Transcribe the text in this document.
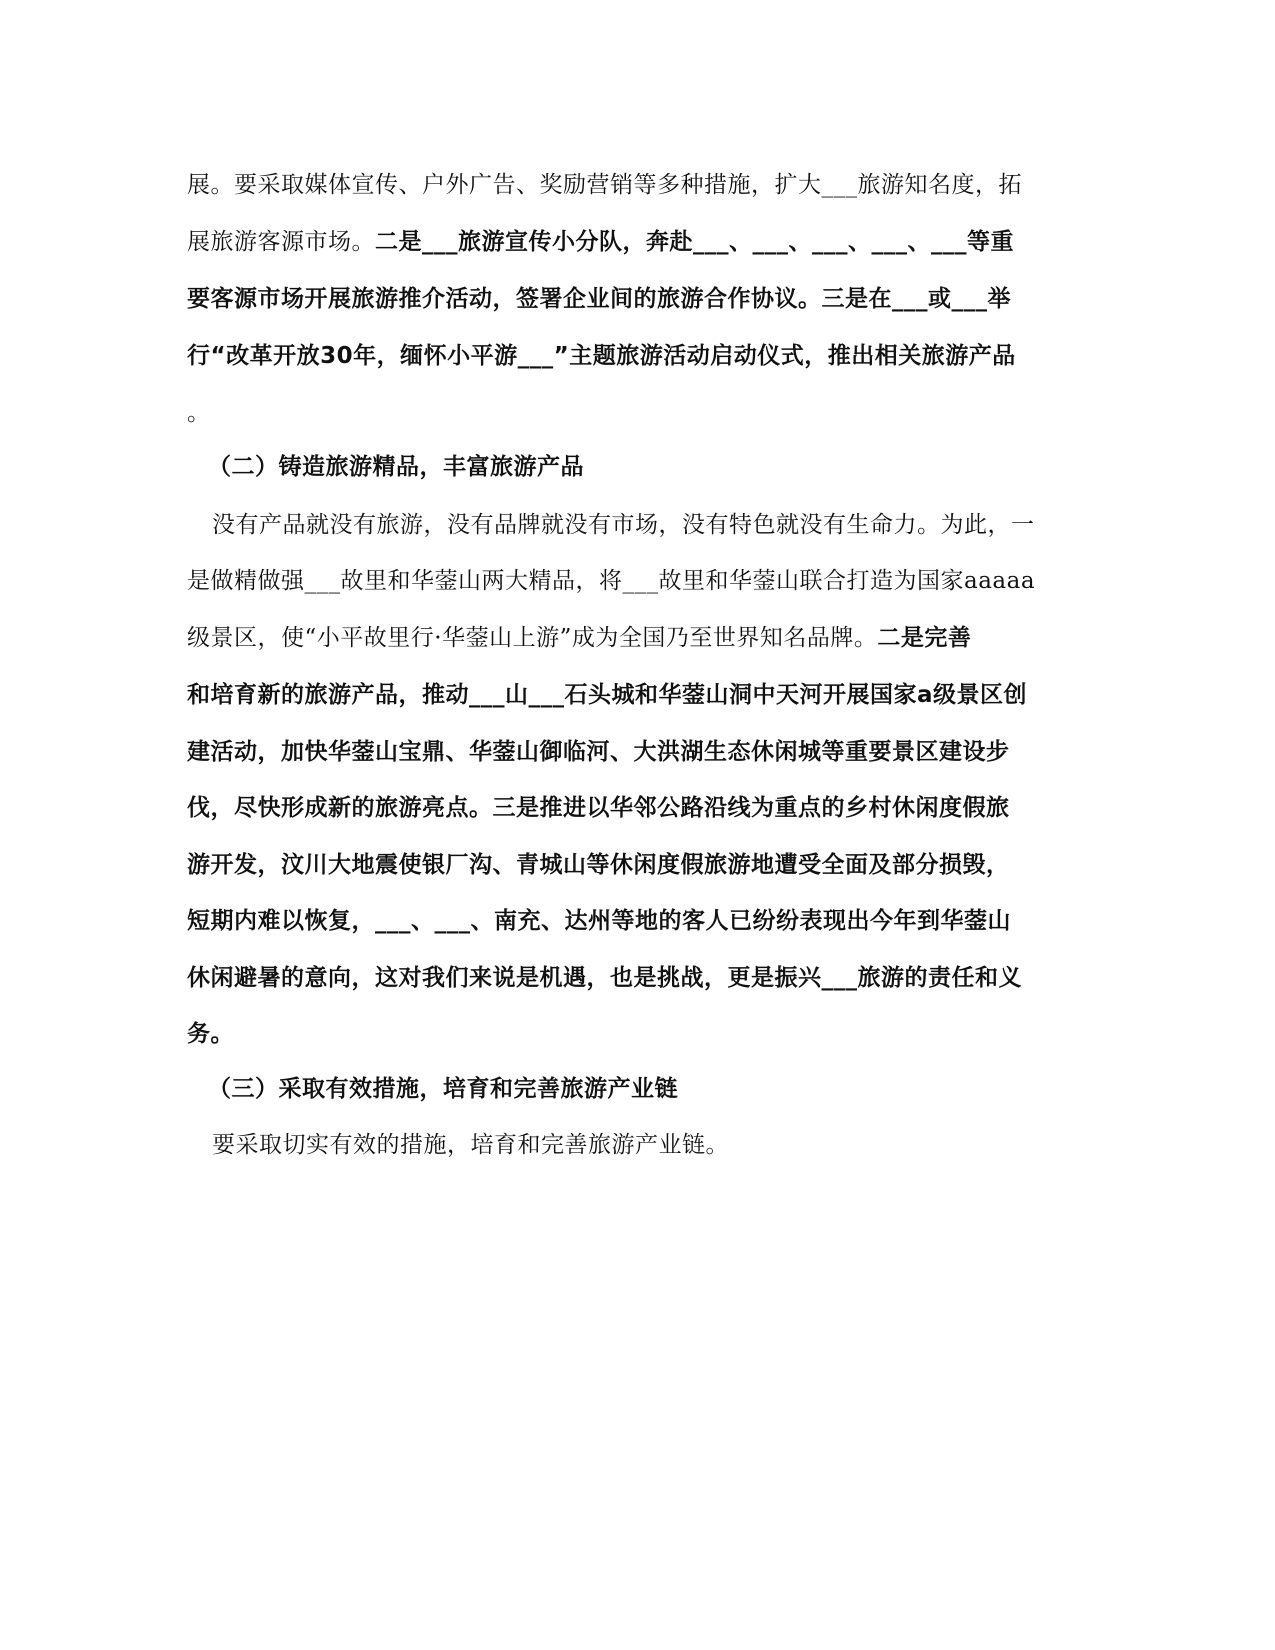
展。要采取媒体宣传、户外广告、奖励营销等多种措施，扩大___旅游知名度，拓
展旅游客源市场。二是___旅游宣传小分队，奔赴___、___、___、___、___等重
要客源市场开展旅游推介活动，签署企业间的旅游合作协议。三是在___或___举
行“改革开放30年，缅怀小平游___”主题旅游活动启动仪式，推出相关旅游产品
。
（二）铸造旅游精品，丰富旅游产品
没有产品就没有旅游，没有品牌就没有市场，没有特色就没有生命力。为此，一
是做精做强___故里和华蓥山两大精品，将___故里和华蓥山联合打造为国家aaaaa
级景区，使“小平故里行·华蓥山上游”成为全国乃至世界知名品牌。二是完善
和培育新的旅游产品，推动___山___石头城和华蓥山洞中天河开展国家a级景区创
建活动，加快华蓥山宝鼎、华蓥山御临河、大洪湖生态休闲城等重要景区建设步
伐，尽快形成新的旅游亮点。三是推进以华邻公路沿线为重点的乡村休闲度假旅
游开发，汶川大地震使银厂沟、青城山等休闲度假旅游地遭受全面及部分损毁，
短期内难以恢复，___、___、南充、达州等地的客人已纷纷表现出今年到华蓥山
休闲避暑的意向，这对我们来说是机遇，也是挑战，更是振兴___旅游的责任和义
务。
（三）采取有效措施，培育和完善旅游产业链
要采取切实有效的措施，培育和完善旅游产业链。
